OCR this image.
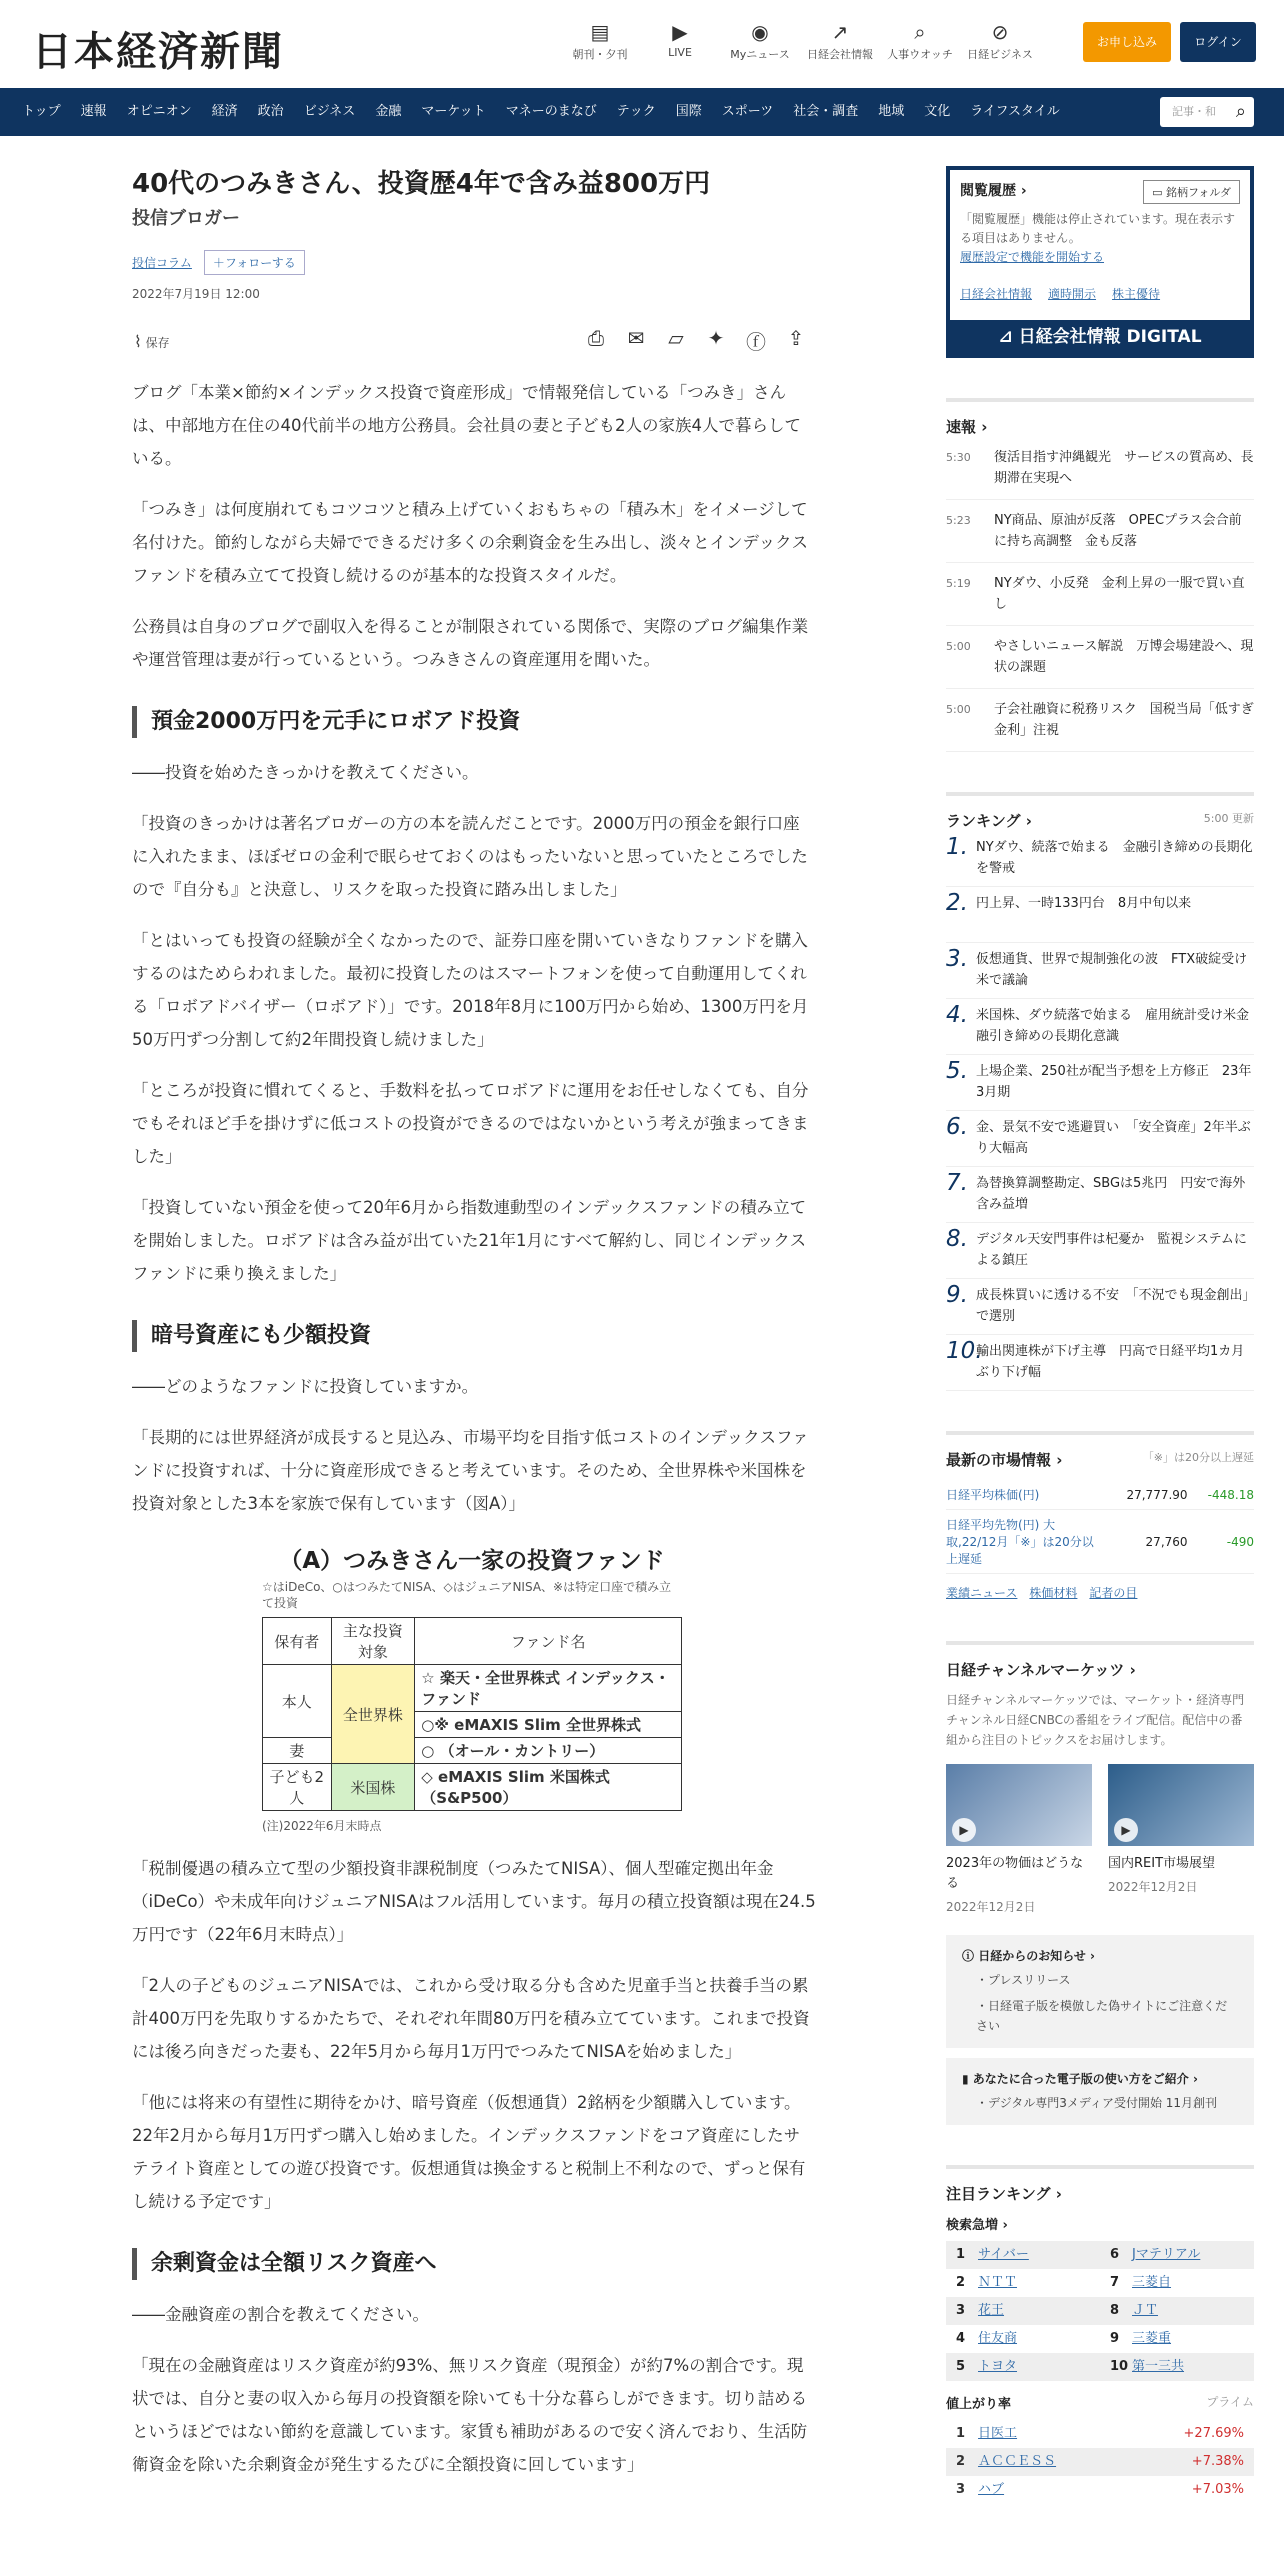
日本経済新聞	▤
朝刊・夕刊
▶
LIVE
◉
Myニュース
↗
日経会社情報
⌕
人事ウオッチ
⊘
日経ビジネス
お申し込み	ログイン
トップ 速報 オピニオン 経済 政治 ビジネス 金融 マーケット マネーのまなび テック 国際 スポーツ 社会・調査 地域 文化 ライフスタイル	記事・和 ⌕
40代のつみきさん、投資歴4年で含み益800万円
投信ブロガー
投信コラム	＋フォローする
2022年7月19日 12:00
⌇ 保存	⎙	✉	▱	✦	ⓕ	⇪

ブログ「本業×節約×インデックス投資で資産形成」で情報発信している「つみき」さんは、中部地方在住の40代前半の地方公務員。会社員の妻と子ども2人の家族4人で暮らしている。

「つみき」は何度崩れてもコツコツと積み上げていくおもちゃの「積み木」をイメージして名付けた。節約しながら夫婦でできるだけ多くの余剰資金を生み出し、淡々とインデックスファンドを積み立てて投資し続けるのが基本的な投資スタイルだ。

公務員は自身のブログで副収入を得ることが制限されている関係で、実際のブログ編集作業や運営管理は妻が行っているという。つみきさんの資産運用を聞いた。

預金2000万円を元手にロボアド投資

――投資を始めたきっかけを教えてください。

「投資のきっかけは著名ブロガーの方の本を読んだことです。2000万円の預金を銀行口座に入れたまま、ほぼゼロの金利で眠らせておくのはもったいないと思っていたところでしたので『自分も』と決意し、リスクを取った投資に踏み出しました」

「とはいっても投資の経験が全くなかったので、証券口座を開いていきなりファンドを購入するのはためらわれました。最初に投資したのはスマートフォンを使って自動運用してくれる「ロボアドバイザー（ロボアド）」です。2018年8月に100万円から始め、1300万円を月50万円ずつ分割して約2年間投資し続けました」

「ところが投資に慣れてくると、手数料を払ってロボアドに運用をお任せしなくても、自分でもそれほど手を掛けずに低コストの投資ができるのではないかという考えが強まってきました」

「投資していない預金を使って20年6月から指数連動型のインデックスファンドの積み立てを開始しました。ロボアドは含み益が出ていた21年1月にすべて解約し、同じインデックスファンドに乗り換えました」

暗号資産にも少額投資

――どのようなファンドに投資していますか。

「長期的には世界経済が成長すると見込み、市場平均を目指す低コストのインデックスファンドに投資すれば、十分に資産形成できると考えています。そのため、全世界株や米国株を投資対象とした3本を家族で保有しています（図A）」

（A）つみきさん一家の投資ファンド
☆はiDeCo、○はつみたてNISA、◇はジュニアNISA、※は特定口座で積み立て投資
保有者	主な投資対象	ファンド名
本人	全世界株	☆ 楽天・全世界株式 インデックス・ファンド
		○※ eMAXIS Slim 全世界株式
妻		○ （オール・カントリー）
子ども2人	米国株	◇ eMAXIS Slim 米国株式 （S&P500）
(注)2022年6月末時点

「税制優遇の積み立て型の少額投資非課税制度（つみたてNISA）、個人型確定拠出年金（iDeCo）や未成年向けジュニアNISAはフル活用しています。毎月の積立投資額は現在24.5万円です（22年6月末時点）」

「2人の子どものジュニアNISAでは、これから受け取る分も含めた児童手当と扶養手当の累計400万円を先取りするかたちで、それぞれ年間80万円を積み立てています。これまで投資には後ろ向きだった妻も、22年5月から毎月1万円でつみたてNISAを始めました」

「他には将来の有望性に期待をかけ、暗号資産（仮想通貨）2銘柄を少額購入しています。22年2月から毎月1万円ずつ購入し始めました。インデックスファンドをコア資産にしたサテライト資産としての遊び投資です。仮想通貨は換金すると税制上不利なので、ずっと保有し続ける予定です」

余剰資金は全額リスク資産へ

――金融資産の割合を教えてください。

「現在の金融資産はリスク資産が約93%、無リスク資産（現預金）が約7%の割合です。現状では、自分と妻の収入から毎月の投資額を除いても十分な暮らしができます。切り詰めるというほどではない節約を意識しています。家賃も補助があるので安く済んでおり、生活防衛資金を除いた余剰資金が発生するたびに全額投資に回しています」

閲覧履歴 ›	▭ 銘柄フォルダ
「閲覧履歴」機能は停止されています。現在表示する項目はありません。
履歴設定で機能を開始する
日経会社情報 適時開示 株主優待
⊿ 日経会社情報 DIGITAL
速報 ›
5:30	復活目指す沖縄観光　サービスの質高め、長期滞在実現へ
5:23	NY商品、原油が反落　OPECプラス会合前に持ち高調整　金も反落
5:19	NYダウ、小反発　金利上昇の一服で買い直し
5:00	やさしいニュース解説　万博会場建設へ、現状の課題
5:00	子会社融資に税務リスク　国税当局「低すぎ金利」注視
ランキング ›	5:00 更新
1. NYダウ、続落で始まる　金融引き締めの長期化を警戒
2. 円上昇、一時133円台　8月中旬以来
3. 仮想通貨、世界で規制強化の波　FTX破綻受け米で議論
4. 米国株、ダウ続落で始まる　雇用統計受け米金融引き締めの長期化意識
5. 上場企業、250社が配当予想を上方修正　23年3月期
6. 金、景気不安で逃避買い　「安全資産」2年半ぶり大幅高
7. 為替換算調整勘定、SBGは5兆円　円安で海外含み益増
8. デジタル天安門事件は杞憂か　監視システムによる鎮圧
9. 成長株買いに透ける不安　「不況でも現金創出」で選別
10.
輸出関連株が下げ主導　円高で日経平均1カ月ぶり下げ幅
最新の市場情報 ›	「※」は20分以上遅延
日経平均株価(円)	27,777.90	-448.18
日経平均先物(円) 大取,22/12月「※」は20分以上遅延	27,760	-490
業績ニュース 株価材料 記者の目
日経チャンネルマーケッツ ›
日経チャンネルマーケッツでは、マーケット・経済専門チャンネル日経CNBCの番組をライブ配信。配信中の番組から注目のトピックスをお届けします。
▶
2023年の物価はどうなる
2022年12月2日
▶
国内REIT市場展望
2022年12月2日
ⓘ 日経からのお知らせ ›
・プレスリリース
・日経電子版を模倣した偽サイトにご注意ください
▮ あなたに合った電子版の使い方をご紹介 ›
・デジタル専門3メディア受付開始 11月創刊
注目ランキング ›
検索急増 ›
1 サイバー	6 Jマテリアル
2 ＮＴＴ	7 三菱自
3 花王	8 ＪＴ
4 住友商	9 三菱重
5 トヨタ	10 第一三共
値上がり率	プライム
1　日医工	+27.69%
2　ＡＣＣＥＳＳ	+7.38%
3　ハブ	+7.03%
